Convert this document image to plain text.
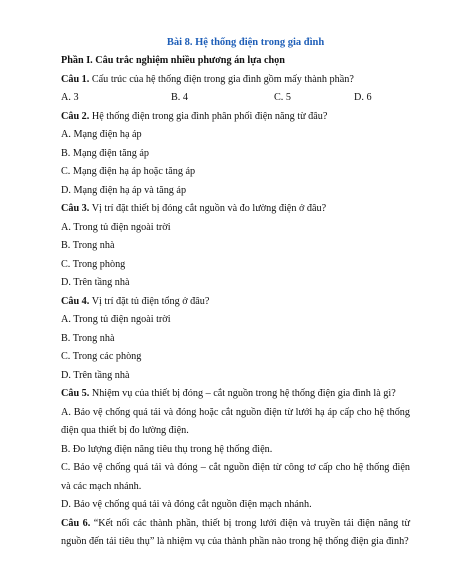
Bài 8. Hệ thống điện trong gia đình
Phần I. Câu trắc nghiệm nhiều phương án lựa chọn
Câu 1. Cấu trúc của hệ thống điện trong gia đình gồm mấy thành phần?
A. 3	B. 4	C. 5	D. 6
Câu 2. Hệ thống điện trong gia đình phân phối điện năng từ đâu?
A. Mạng điện hạ áp
B. Mạng điện tăng áp
C. Mạng điện hạ áp hoặc tăng áp
D. Mạng điện hạ áp và tăng áp
Câu 3. Vị trí đặt thiết bị đóng cắt nguồn và đo lường điện ở đâu?
A. Trong tủ điện ngoài trời
B. Trong nhà
C. Trong phòng
D. Trên tầng nhà
Câu 4. Vị trí đặt tủ điện tổng ở đâu?
A. Trong tủ điện ngoài trời
B. Trong nhà
C. Trong các phòng
D. Trên tầng nhà
Câu 5. Nhiệm vụ của thiết bị đóng – cắt nguồn trong hệ thống điện gia đình là gì?
A. Bảo vệ chống quá tải và đóng hoặc cắt nguồn điện từ lưới hạ áp cấp cho hệ thống điện qua thiết bị đo lường điện.
B. Đo lượng điện năng tiêu thụ trong hệ thống điện.
C. Bảo vệ chống quá tải và đóng – cắt nguồn điện từ công tơ cấp cho hệ thống điện và các mạch nhánh.
D. Bảo vệ chống quá tải và đóng cắt nguồn điện mạch nhánh.
Câu 6. “Kết nối các thành phần, thiết bị trong lưới điện và truyền tải điện năng từ nguồn đến tải tiêu thụ” là nhiệm vụ của thành phần nào trong hệ thống điện gia đình?
